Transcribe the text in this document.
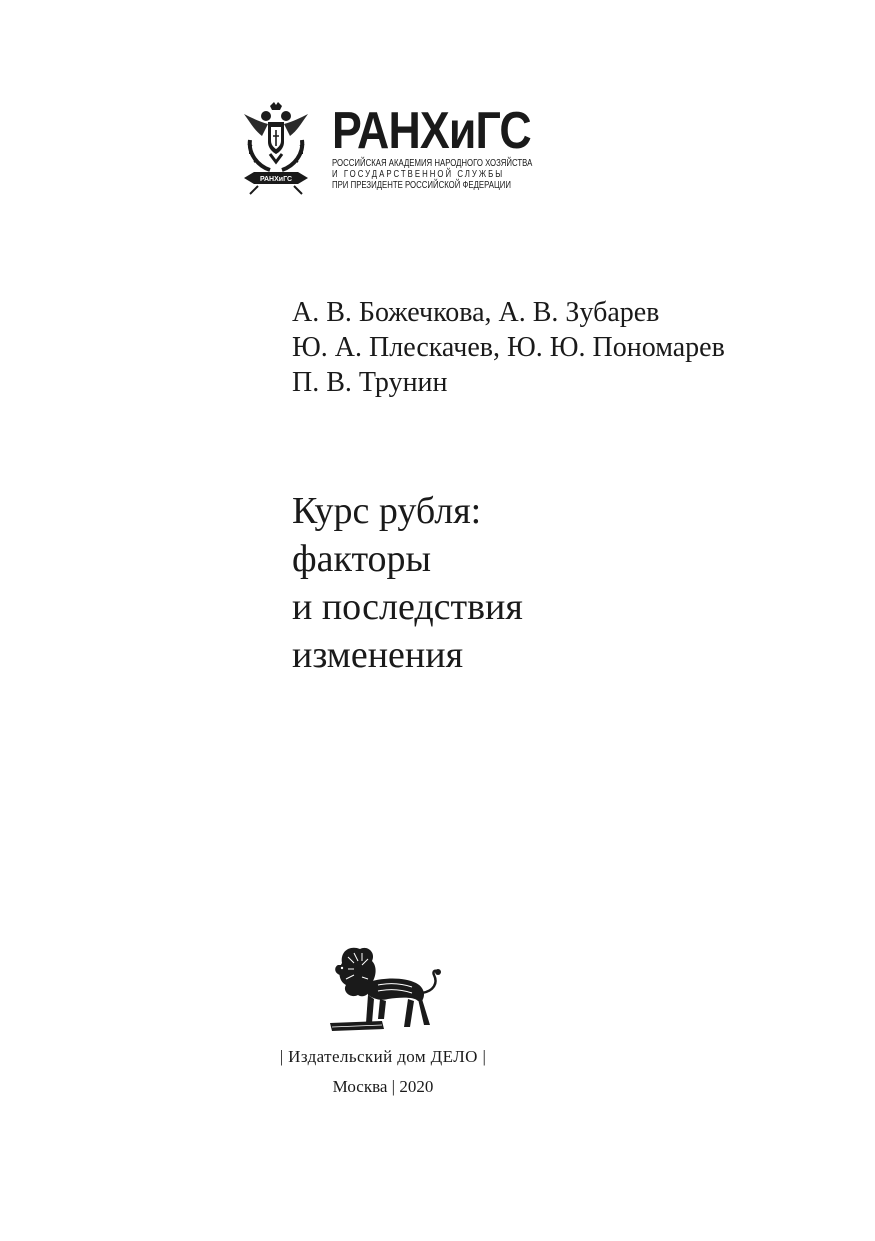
РАНХиГС
РАНХиГС
РОССИЙСКАЯ АКАДЕМИЯ НАРОДНОГО ХОЗЯЙСТВА
И ГОСУДАРСТВЕННОЙ СЛУЖБЫ
ПРИ ПРЕЗИДЕНТЕ РОССИЙСКОЙ ФЕДЕРАЦИИ
А. В. Божечкова, А. В. Зубарев
Ю. А. Плескачев, Ю. Ю. Пономарев
П. В. Трунин
Курс рубля:
факторы
и последствия
изменения
| Издательский дом ДЕЛО |
Москва | 2020
